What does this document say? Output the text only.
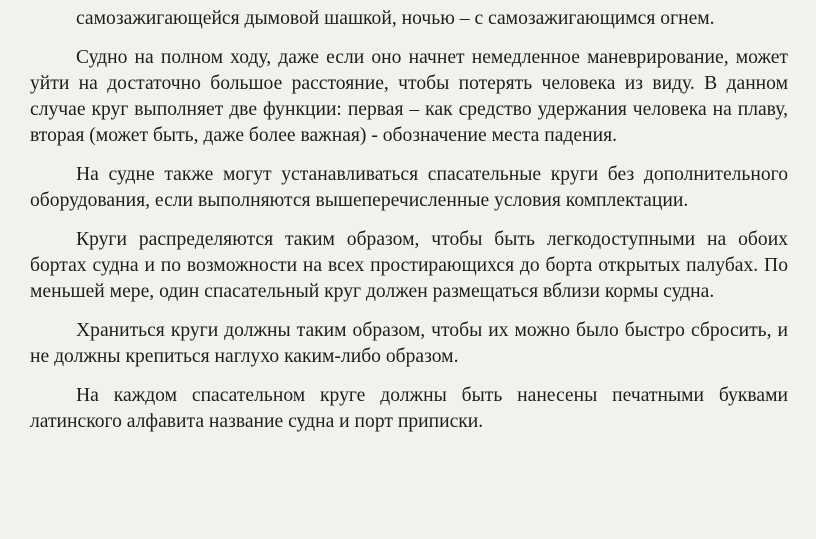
самозажигающейся дымовой шашкой, ночью – с самозажигающимся огнем.

Судно на полном ходу, даже если оно начнет немедленное маневрирование, может уйти на достаточно большое расстояние, чтобы потерять человека из виду. В данном случае круг выполняет две функции: первая – как средство удержания человека на плаву, вторая (может быть, даже более важная) - обозначение места падения.

На судне также могут устанавливаться спасательные круги без дополнительного оборудования, если выполняются вышеперечисленные условия комплектации.

Круги распределяются таким образом, чтобы быть легкодоступными на обоих бортах судна и по возможности на всех простирающихся до борта открытых палубах. По меньшей мере, один спасательный круг должен размещаться вблизи кормы судна.

Храниться круги должны таким образом, чтобы их можно было быстро сбросить, и не должны крепиться наглухо каким-либо образом.

На каждом спасательном круге должны быть нанесены печатными буквами латинского алфавита название судна и порт приписки.
